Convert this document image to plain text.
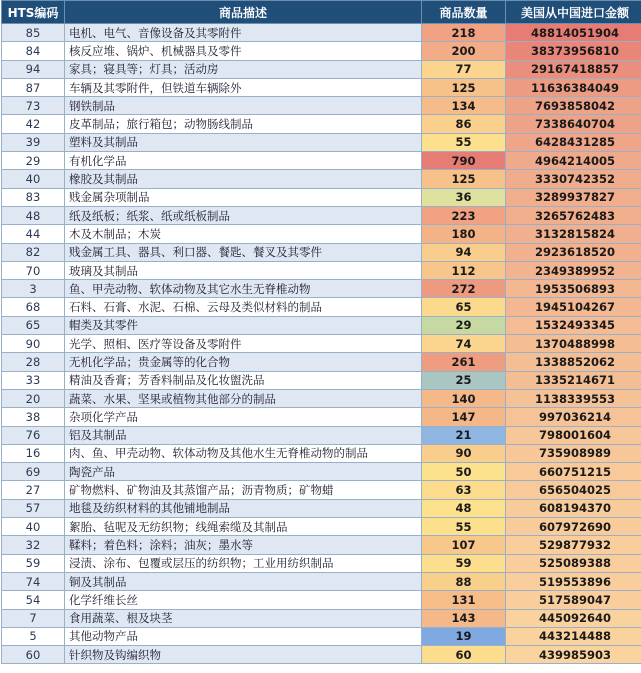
HTS编码	商品描述	商品数量	美国从中国进口金额
85	电机、电气、音像设备及其零附件	218	48814051904
84	核反应堆、锅炉、机械器具及零件	200	38373956810
94	家具；寝具等；灯具；活动房	77	29167418857
87	车辆及其零附件，但铁道车辆除外	125	11636384049
73	钢铁制品	134	7693858042
42	皮革制品；旅行箱包；动物肠线制品	86	7338640704
39	塑料及其制品	55	6428431285
29	有机化学品	790	4964214005
40	橡胶及其制品	125	3330742352
83	贱金属杂项制品	36	3289937827
48	纸及纸板；纸浆、纸或纸板制品	223	3265762483
44	木及木制品；木炭	180	3132815824
82	贱金属工具、器具、利口器、餐匙、餐叉及其零件	94	2923618520
70	玻璃及其制品	112	2349389952
3	鱼、甲壳动物、软体动物及其它水生无脊椎动物	272	1953506893
68	石料、石膏、水泥、石棉、云母及类似材料的制品	65	1945104267
65	帽类及其零件	29	1532493345
90	光学、照相、医疗等设备及零附件	74	1370488998
28	无机化学品；贵金属等的化合物	261	1338852062
33	精油及香膏；芳香料制品及化妆盥洗品	25	1335214671
20	蔬菜、水果、坚果或植物其他部分的制品	140	1138339553
38	杂项化学产品	147	997036214
76	铝及其制品	21	798001604
16	肉、鱼、甲壳动物、软体动物及其他水生无脊椎动物的制品	90	735908989
69	陶瓷产品	50	660751215
27	矿物燃料、矿物油及其蒸馏产品；沥青物质；矿物蜡	63	656504025
57	地毯及纺织材料的其他铺地制品	48	608194370
40	絮胎、毡呢及无纺织物；线绳索缆及其制品	55	607972690
32	鞣料；着色料；涂料；油灰；墨水等	107	529877932
59	浸渍、涂布、包覆或层压的纺织物；工业用纺织制品	59	525089388
74	铜及其制品	88	519553896
54	化学纤维长丝	131	517589047
7	食用蔬菜、根及块茎	143	445092640
5	其他动物产品	19	443214488
60	针织物及钩编织物	60	439985903
